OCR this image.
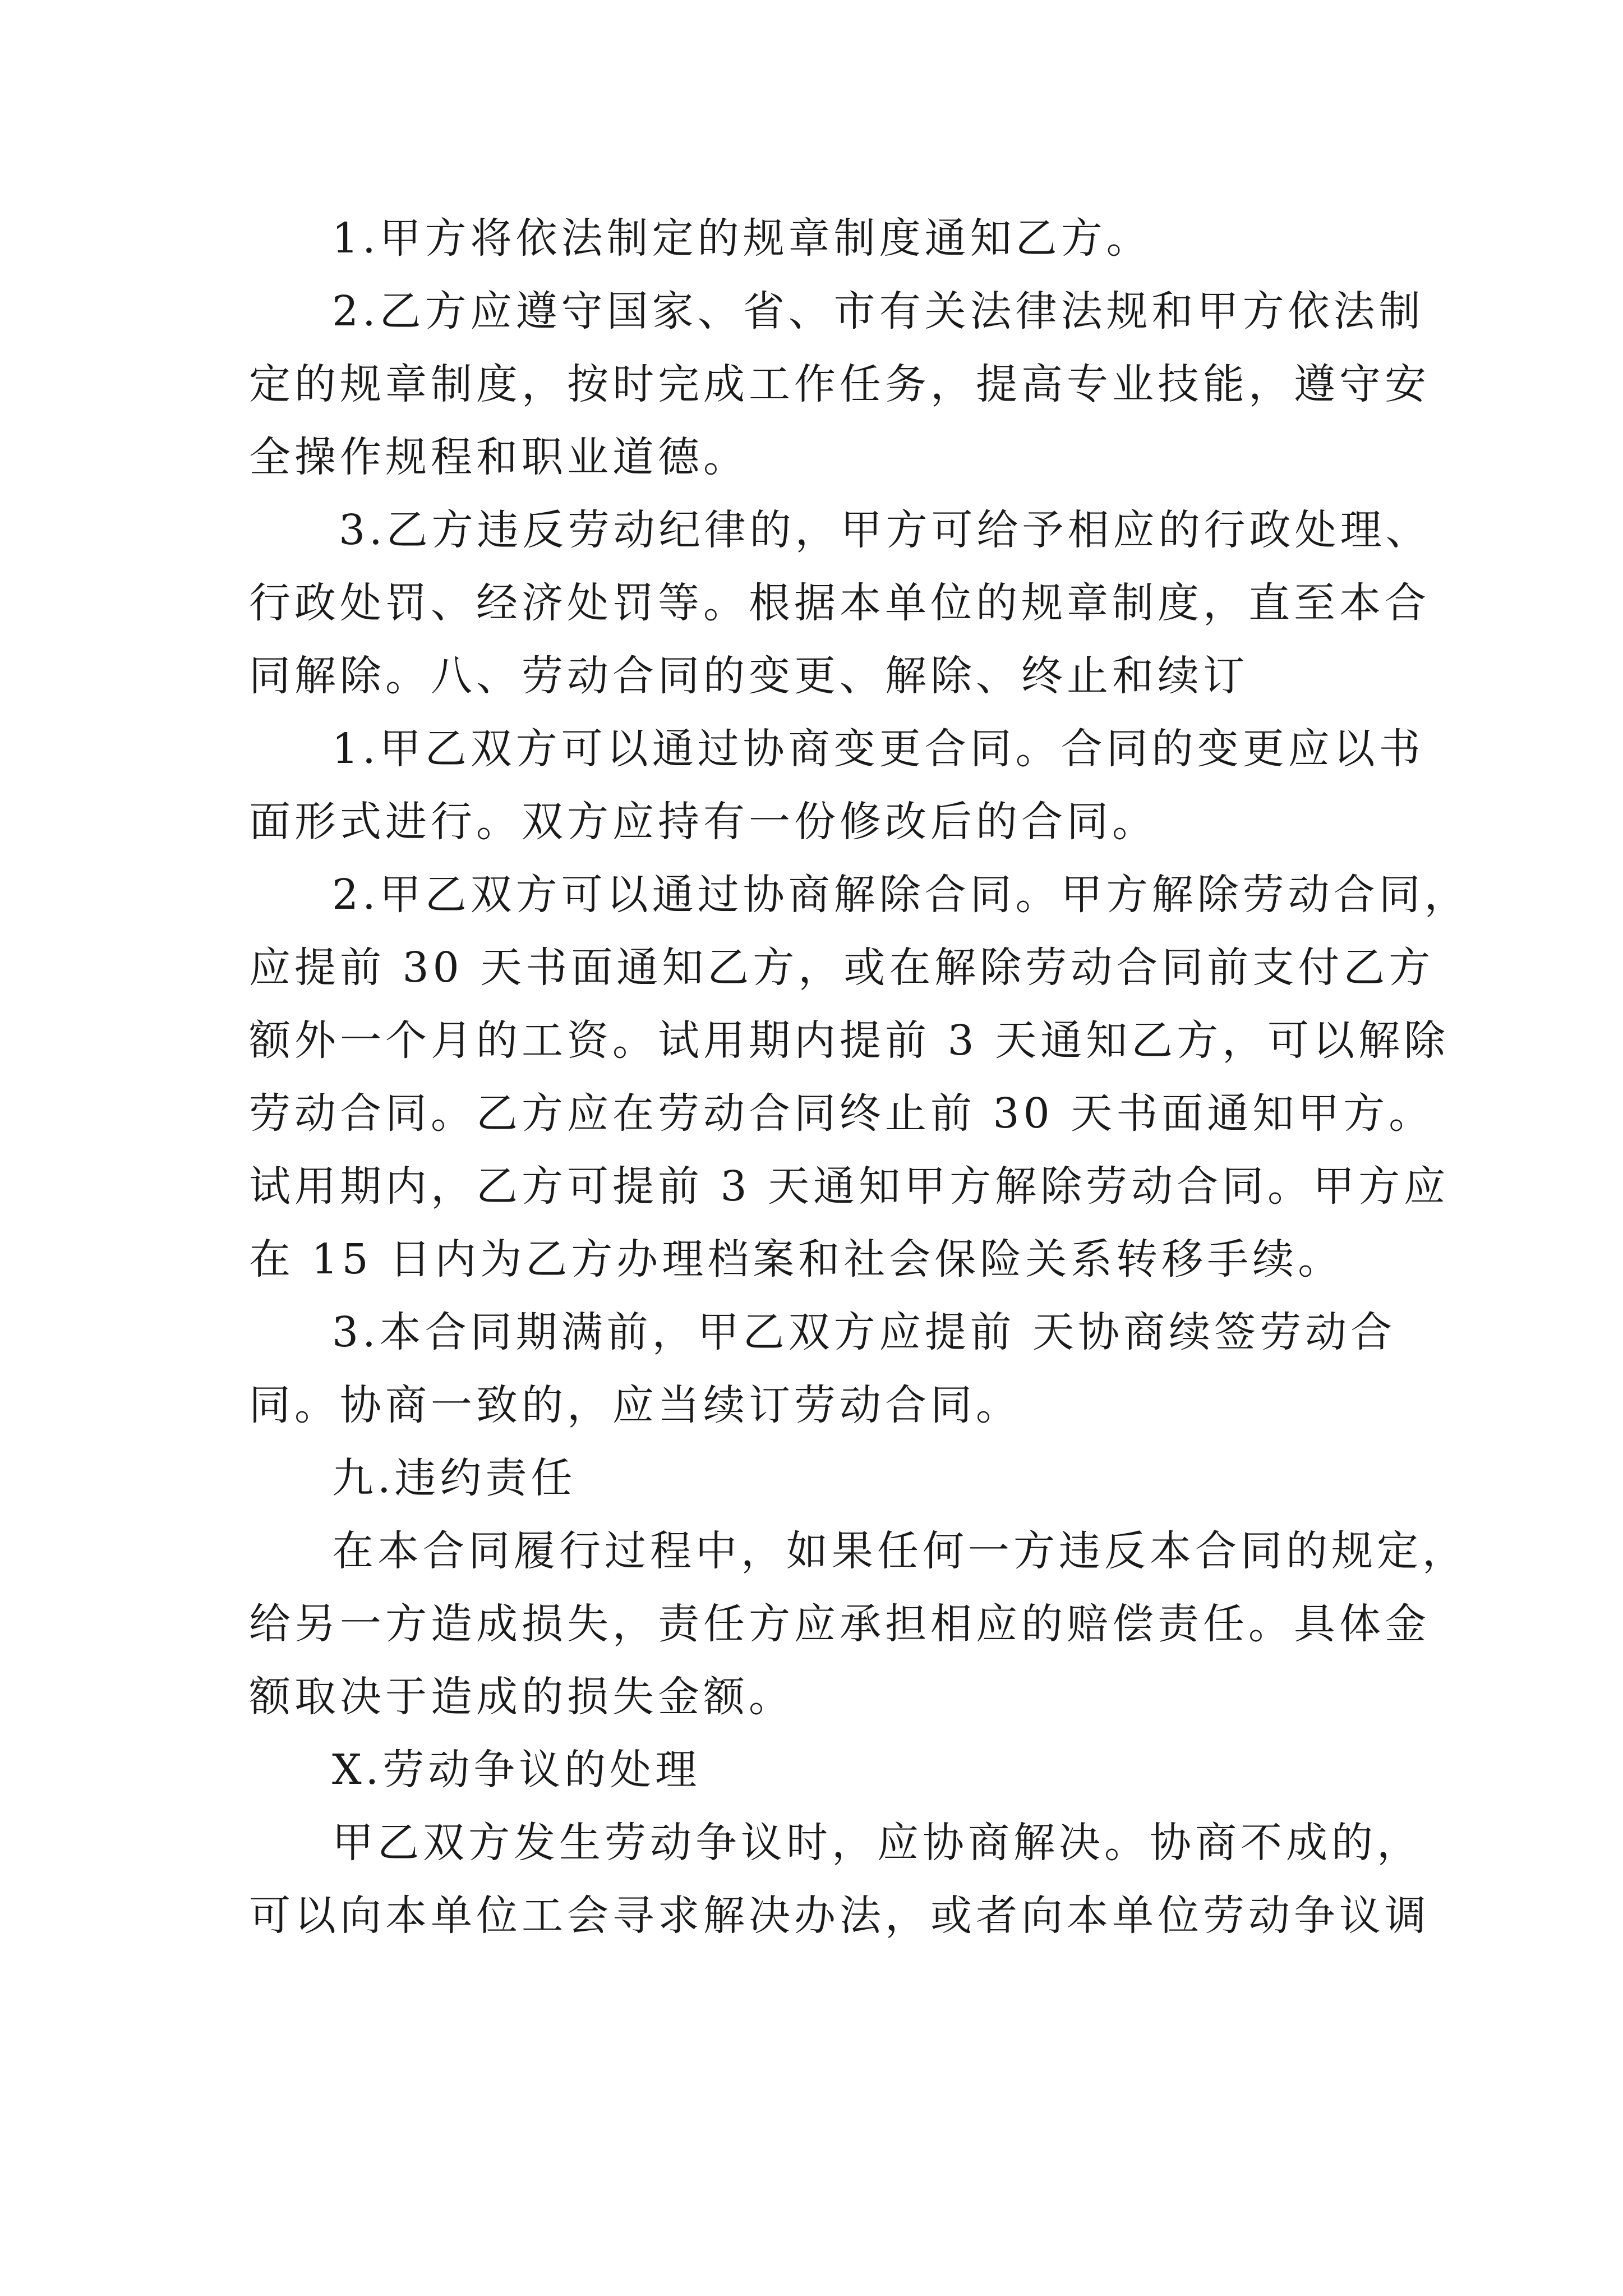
1.甲方将依法制定的规章制度通知乙方。
2.乙方应遵守国家、省、市有关法律法规和甲方依法制
定的规章制度，按时完成工作任务，提高专业技能，遵守安
全操作规程和职业道德。
3.乙方违反劳动纪律的，甲方可给予相应的行政处理、
行政处罚、经济处罚等。根据本单位的规章制度，直至本合
同解除。八、劳动合同的变更、解除、终止和续订
1.甲乙双方可以通过协商变更合同。合同的变更应以书
面形式进行。双方应持有一份修改后的合同。
2.甲乙双方可以通过协商解除合同。甲方解除劳动合同，
应提前 30 天书面通知乙方，或在解除劳动合同前支付乙方
额外一个月的工资。试用期内提前 3 天通知乙方，可以解除
劳动合同。乙方应在劳动合同终止前 30 天书面通知甲方。
试用期内，乙方可提前 3 天通知甲方解除劳动合同。甲方应
在 15 日内为乙方办理档案和社会保险关系转移手续。
3.本合同期满前，甲乙双方应提前 天协商续签劳动合
同。协商一致的，应当续订劳动合同。
九.违约责任
在本合同履行过程中，如果任何一方违反本合同的规定，
给另一方造成损失，责任方应承担相应的赔偿责任。具体金
额取决于造成的损失金额。
X.劳动争议的处理
甲乙双方发生劳动争议时，应协商解决。协商不成的，
可以向本单位工会寻求解决办法，或者向本单位劳动争议调
